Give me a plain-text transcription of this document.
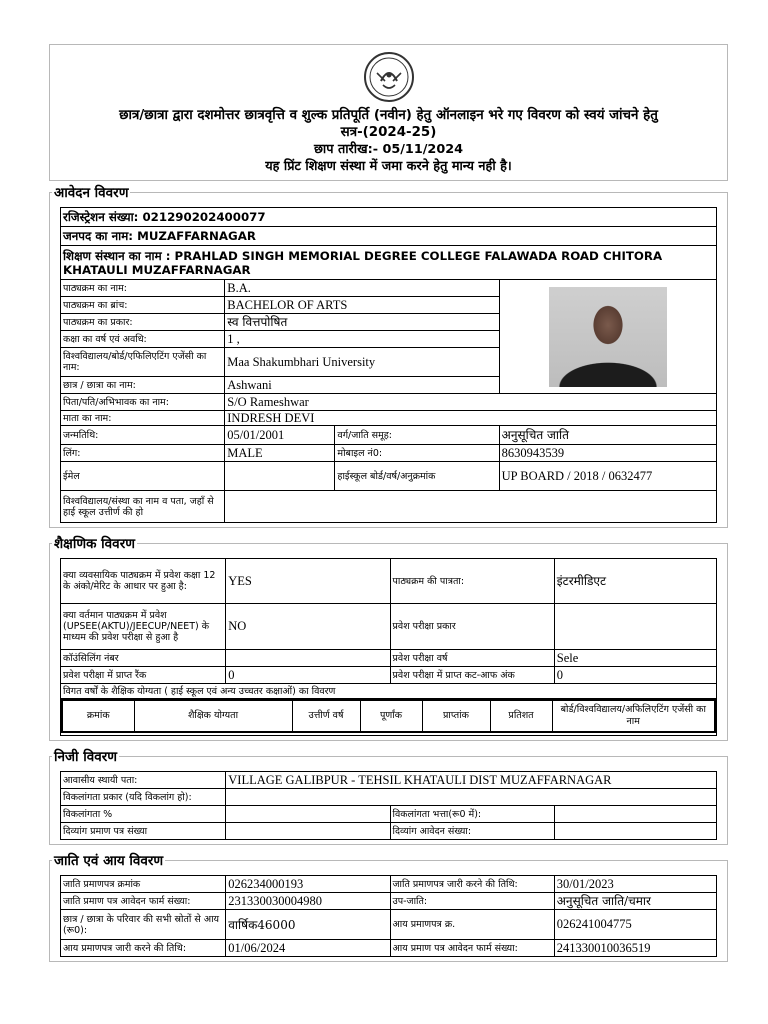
छात्र/छात्रा द्वारा दशमोत्तर छात्रवृत्ति व शुल्क प्रतिपूर्ति (नवीन) हेतु ऑनलाइन भरे गए विवरण को स्वयं जांचने हेतु
सत्र-(2024-25)
छाप तारीख:- 05/11/2024
यह प्रिंट शिक्षण संस्था में जमा करने हेतु मान्य नही है।
आवेदन विवरण
रजिस्ट्रेशन संख्या: 021290202400077			
जनपद का नाम: MUZAFFARNAGAR			
शिक्षण संस्थान का नाम : PRAHLAD SINGH MEMORIAL DEGREE COLLEGE FALAWADA ROAD CHITORA KHATAULI MUZAFFARNAGAR			
पाठ्यक्रम का नाम:	B.A.		

पाठ्यक्रम का ब्रांच:	BACHELOR OF ARTS		
पाठ्यक्रम का प्रकार:	स्व वित्तपोषित		
कक्षा का वर्ष एवं अवधि:	1 ,		
विश्वविद्यालय/बोर्ड/एफिलिएटिंग एजेंसी का नाम:	Maa Shakumbhari University		
छात्र / छात्रा का नाम:	Ashwani		
पिता/पति/अभिभावक का नाम:	S/O Rameshwar		
माता का नाम:	INDRESH DEVI		
जन्मतिथि:	05/01/2001	वर्ग/जाति समूह:	अनुसूचित जाति
लिंग:	MALE	मोबाइल नं0:	8630943539
ईमेल		हाईस्कूल बोर्ड/वर्ष/अनुक्रमांक	UP BOARD / 2018 / 0632477
विश्वविद्यालय/संस्था का नाम व पता, जहाँ से हाई स्कूल उत्तीर्ण की हो			
शैक्षणिक विवरण
क्या व्यवसायिक पाठ्यक्रम में प्रवेश कक्षा 12 के अंको/मेरिट के आधार पर हुआ है:	YES	पाठ्यक्रम की पात्रता:	इंटरमीडिएट
क्या वर्तमान पाठ्यक्रम में प्रवेश (UPSEE(AKTU)/JEECUP/NEET) के माध्यम की प्रवेश परीक्षा से हुआ है	NO	प्रवेश परीक्षा प्रकार	
कॉउंसिलिंग नंबर		प्रवेश परीक्षा वर्ष	Sele
प्रवेश परीक्षा में प्राप्त रैंक	0	प्रवेश परीक्षा में प्राप्त कट-आफ अंक	0
विगत वर्षों के शैक्षिक योग्यता ( हाई स्कूल एवं अन्य उच्चतर कक्षाओं) का विवरण

क्रमांक	शैक्षिक योग्यता	उत्तीर्ण वर्ष	पूर्णांक	प्राप्तांक	प्रतिशत	बोर्ड/विश्वविद्यालय/अफिलिएटिंग एजेंसी का नाम
निजी विवरण
आवासीय स्थायी पता:	VILLAGE GALIBPUR - TEHSIL KHATAULI DIST MUZAFFARNAGAR		
विकलांगता प्रकार (यदि विकलांग हो):			
विकलांगता %		विकलांगता भत्ता(रू0 में):	
दिव्यांग प्रमाण पत्र संख्या		दिव्यांग आवेदन संख्या:	
जाति एवं आय विवरण
जाति प्रमाणपत्र क्रमांक	026234000193	जाति प्रमाणपत्र जारी करने की तिथि:	30/01/2023
जाति प्रमाण पत्र आवेदन फार्म संख्या:	231330030004980	उप-जाति:	अनुसूचित जाति/चमार
छात्र / छात्रा के परिवार की सभी स्रोतों से आय (रू0):	वार्षिक46000	आय प्रमाणपत्र क्र.	026241004775
आय प्रमाणपत्र जारी करने की तिथि:	01/06/2024	आय प्रमाण पत्र आवेदन फार्म संख्या:	241330010036519
